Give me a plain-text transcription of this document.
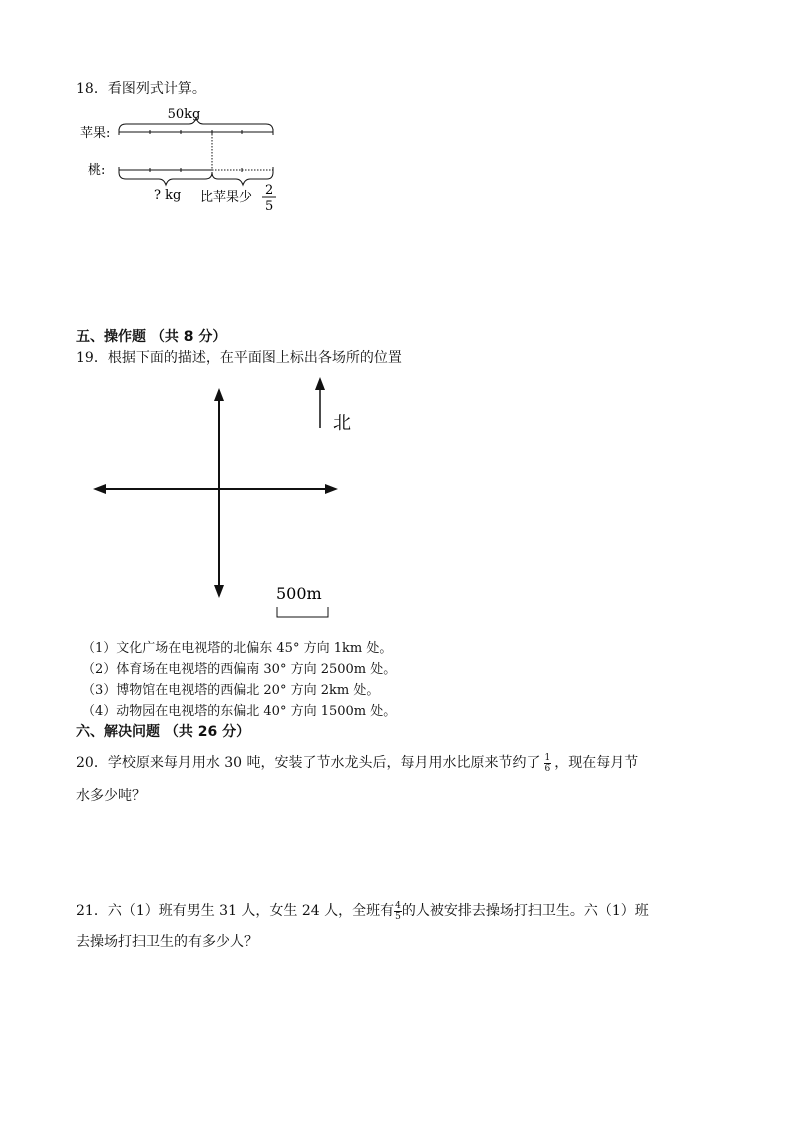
18．看图列式计算。
50kg
苹果:
桃:
? kg 比苹果少 2
5
五、操作题 （共 8 分）
19．根据下面的描述，在平面图上标出各场所的位置
北
500m
（1）文化广场在电视塔的北偏东 45° 方向 1km 处。
（2）体育场在电视塔的西偏南 30° 方向 2500m 处。
（3）博物馆在电视塔的西偏北 20° 方向 2km 处。
（4）动物园在电视塔的东偏北 40° 方向 1500m 处。
六、解决问题 （共 26 分）
20．学校原来每月用水 30 吨，安装了节水龙头后，每月用水比原来节约了 $\frac{1}{6}$ ，现在每月节
水多少吨？
21．六（1）班有男生 31 人，女生 24 人，全班有 $\frac{4}{5}$ 的人被安排去操场打扫卫生。六（1）班
去操场打扫卫生的有多少人？
